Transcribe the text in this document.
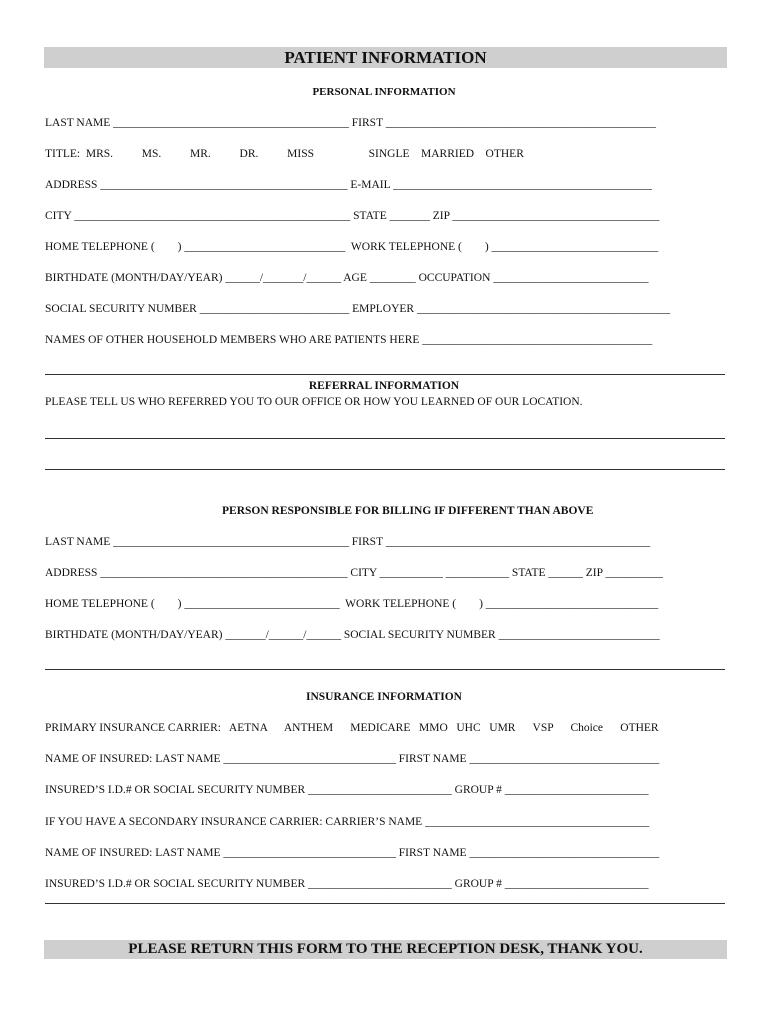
PATIENT INFORMATION
PERSONAL INFORMATION
LAST NAME _________________________________________ FIRST _______________________________________________
TITLE:  MRS.          MS.          MR.          DR.          MISS                   SINGLE    MARRIED    OTHER
ADDRESS ___________________________________________ E-MAIL _____________________________________________
CITY ________________________________________________ STATE _______ ZIP ____________________________________
HOME TELEPHONE (        ) ____________________________  WORK TELEPHONE (        ) _____________________________
BIRTHDATE (MONTH/DAY/YEAR) ______/_______/______ AGE ________ OCCUPATION ___________________________
SOCIAL SECURITY NUMBER __________________________ EMPLOYER ____________________________________________
NAMES OF OTHER HOUSEHOLD MEMBERS WHO ARE PATIENTS HERE ________________________________________
REFERRAL INFORMATION
PLEASE TELL US WHO REFERRED YOU TO OUR OFFICE OR HOW YOU LEARNED OF OUR LOCATION.
PERSON RESPONSIBLE FOR BILLING IF DIFFERENT THAN ABOVE
LAST NAME _________________________________________ FIRST ______________________________________________
ADDRESS ___________________________________________ CITY ___________ ___________ STATE ______ ZIP __________
HOME TELEPHONE (        ) ___________________________  WORK TELEPHONE (        ) ______________________________
BIRTHDATE (MONTH/DAY/YEAR) _______/______/______ SOCIAL SECURITY NUMBER ____________________________
INSURANCE INFORMATION
PRIMARY INSURANCE CARRIER:   AETNA      ANTHEM      MEDICARE   MMO   UHC   UMR      VSP      Choice      OTHER
NAME OF INSURED: LAST NAME ______________________________ FIRST NAME _________________________________
INSURED’S I.D.# OR SOCIAL SECURITY NUMBER _________________________ GROUP # _________________________
IF YOU HAVE A SECONDARY INSURANCE CARRIER: CARRIER’S NAME _______________________________________
NAME OF INSURED: LAST NAME ______________________________ FIRST NAME _________________________________
INSURED’S I.D.# OR SOCIAL SECURITY NUMBER _________________________ GROUP # _________________________
PLEASE RETURN THIS FORM TO THE RECEPTION DESK, THANK YOU.
